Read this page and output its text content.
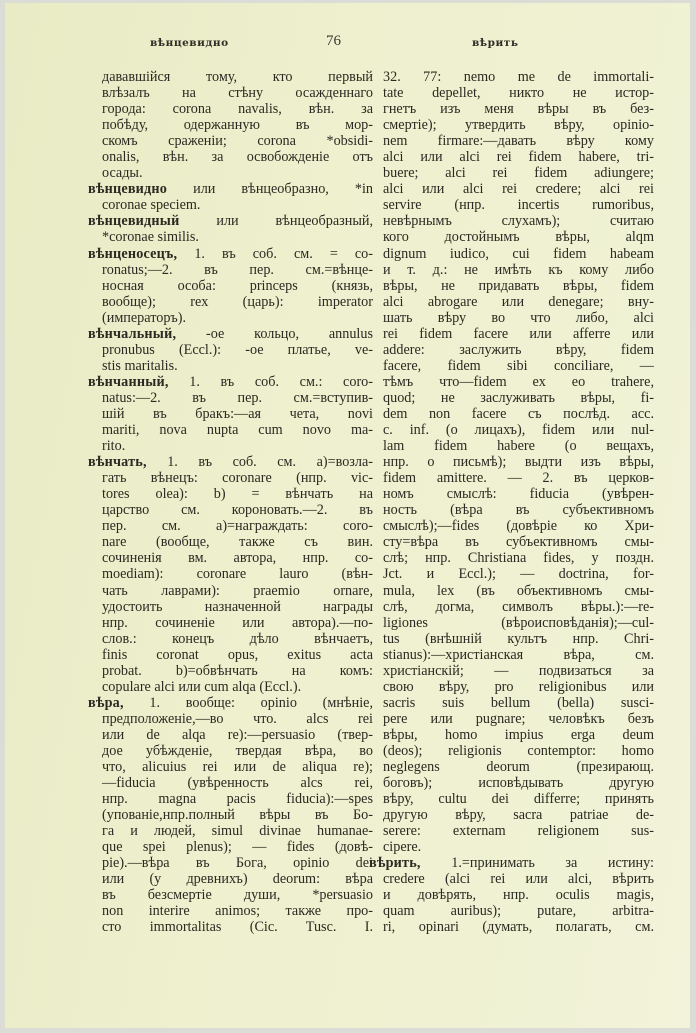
вѣнцевидно	76	вѣрить
дававшійся тому, кто первый
влѣзалъ на стѣну осажденнаго
города: corona navalis, вѣн. за
побѣду, одержанную въ мор-
скомъ сраженіи; corona *obsidi-
onalis, вѣн. за освобожденіе отъ
осады.
вѣнцевидно или вѣнцеобразно, *in
coronae speciem.
вѣнцевидный или вѣнцеобразный,
*coronae similis.
вѣнценосецъ, 1. въ соб. см. = co-
ronatus;—2. въ пер. см.=вѣнце-
носная особа: princeps (князь,
вообще); rex (царь): imperator
(императоръ).
вѣнчальный, -ое кольцо, annulus
pronubus (Eccl.): -ое платье, ve-
stis maritalis.
вѣнчанный, 1. въ соб. см.: coro-
natus:—2. въ пер. см.=вступив-
шій въ бракъ:—ая чета, novi
mariti, nova nupta cum novo ma-
rito.
вѣнчать, 1. въ соб. см. a)=возла-
гать вѣнецъ: coronare (нпр. vic-
tores olea): b) = вѣнчать на
царство см. короновать.—2. въ
пер. см. a)=награждать: coro-
nare (вообще, также съ вин.
сочиненія вм. автора, нпр. co-
moediam): coronare lauro (вѣн-
чать лаврами): praemio ornare,
удостоить назначенной награды
нпр. сочиненіе или автора).—по-
слов.: конецъ дѣло вѣнчаетъ,
finis coronat opus, exitus acta
probat. b)=обвѣнчать на комъ:
copulare alci или cum alqa (Eccl.).
вѣра, 1. вообще: opinio (мнѣніе,
предположеніе,—во что. alcs rei
или de alqa re):—persuasio (твер-
дое убѣжденіе, твердая вѣра, во
что, alicuius rei или de aliqua re);
—fiducia (увѣренность alcs rei,
нпр. magna pacis fiducia):—spes
(упованіе,нпр.полный вѣры въ Бо-
га и людей, simul divinae humanae-
que spei plenus); — fides (довѣ-
ріе).—вѣра въ Бога, opinio dei
или (у древнихъ) deorum: вѣра
въ безсмертіе души, *persuasio
non interire animos; также про-
сто immortalitas (Cic. Tusc. I.
32. 77: nemo me de immortali-
tate depellet, никто не истор-
гнетъ изъ меня вѣры въ без-
смертіе); утвердить вѣру, opinio-
nem firmare:—давать вѣру кому
alci или alci rei fidem habere, tri-
buere; alci rei fidem adiungere;
alci или alci rei credere; alci rei
servire (нпр. incertis rumoribus,
невѣрнымъ слухамъ); считаю
кого достойнымъ вѣры, alqm
dignum iudico, cui fidem habeam
и т. д.: не имѣть къ кому либо
вѣры, не придавать вѣры, fidem
alci abrogare или denegare; вну-
шать вѣру во что либо, alci
rei fidem facere или afferre или
addere: заслужить вѣру, fidem
facere, fidem sibi conciliare, —
тѣмъ что—fidem ex eo trahere,
quod; не заслуживать вѣры, fi-
dem non facere съ послѣд. acc.
c. inf. (о лицахъ), fidem или nul-
lam fidem habere (о вещахъ,
нпр. о письмѣ); выдти изъ вѣры,
fidem amittere. — 2. въ церков-
номъ смыслѣ: fiducia (увѣрен-
ность (вѣра въ субъективномъ
смыслѣ);—fides (довѣріе ко Хри-
сту=вѣра въ субъективномъ смы-
слѣ; нпр. Christiana fides, у поздн.
Jct. и Eccl.); — doctrina, for-
mula, lex (въ объективномъ смы-
слѣ, догма, символъ вѣры.):—re-
ligiones (вѣроисповѣданія);—cul-
tus (внѣшній культъ нпр. Chri-
stianus):—христіанская вѣра, см.
христіанскій; — подвизаться за
свою вѣру, pro religionibus или
sacris suis bellum (bella) susci-
pere или pugnare; человѣкъ безъ
вѣры, homo impius erga deum
(deos); religionis contemptor: homo
neglegens deorum (презирающ.
боговъ); исповѣдывать другую
вѣру, cultu dei differre; принять
другую вѣру, sacra patriae de-
serere: externam religionem sus-
cipere.
вѣрить, 1.=принимать за истину:
credere (alci rei или alci, вѣрить
и довѣрять, нпр. oculis magis,
quam auribus); putare, arbitra-
ri, opinari (думать, полагать, см.
